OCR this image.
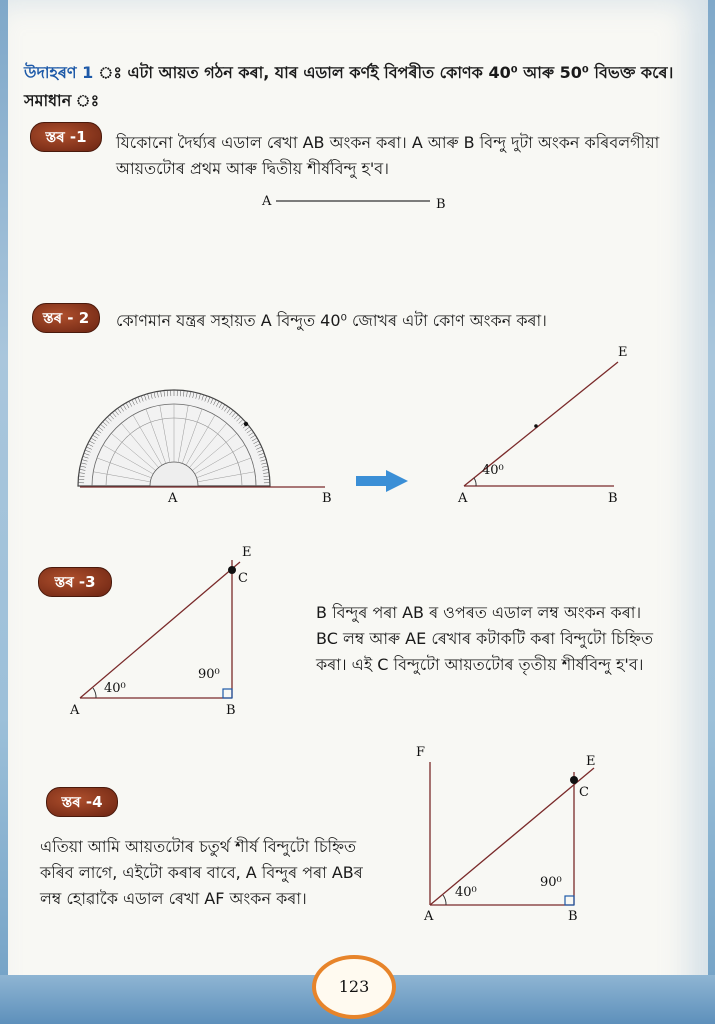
উদাহৰণ 1 ঃ এটা আয়ত গঠন কৰা, যাৰ এডাল কৰ্ণই বিপৰীত কোণক 40⁰ আৰু 50⁰ বিভক্ত কৰে।
সমাধান ঃ
স্তৰ -1	যিকোনো দৈৰ্ঘ্যৰ এডাল ৰেখা AB অংকন কৰা। A আৰু B বিন্দু দুটা অংকন কৰিবলগীয়া
আয়তটোৰ প্ৰথম আৰু দ্বিতীয় শীৰ্ষবিন্দু হ'ব।
A	B
A	B
40⁰
A	B
E
40⁰
90⁰
A	B
C
E
40⁰
90⁰
A	B
C
E
F
স্তৰ - 2	কোণমান যন্ত্ৰৰ সহায়ত A বিন্দুত 40⁰ জোখৰ এটা কোণ অংকন কৰা।
স্তৰ -3
B বিন্দুৰ পৰা AB ৰ ওপৰত এডাল লম্ব অংকন কৰা।
BC লম্ব আৰু AE ৰেখাৰ কটাকটি কৰা বিন্দুটো চিহ্নিত
কৰা। এই C বিন্দুটো আয়তটোৰ তৃতীয় শীৰ্ষবিন্দু হ'ব।
স্তৰ -4
এতিয়া আমি আয়তটোৰ চতুৰ্থ শীৰ্ষ বিন্দুটো চিহ্নিত
কৰিব লাগে, এইটো কৰাৰ বাবে, A বিন্দুৰ পৰা ABৰ
লম্ব হোৱাকৈ এডাল ৰেখা AF অংকন কৰা।
123
